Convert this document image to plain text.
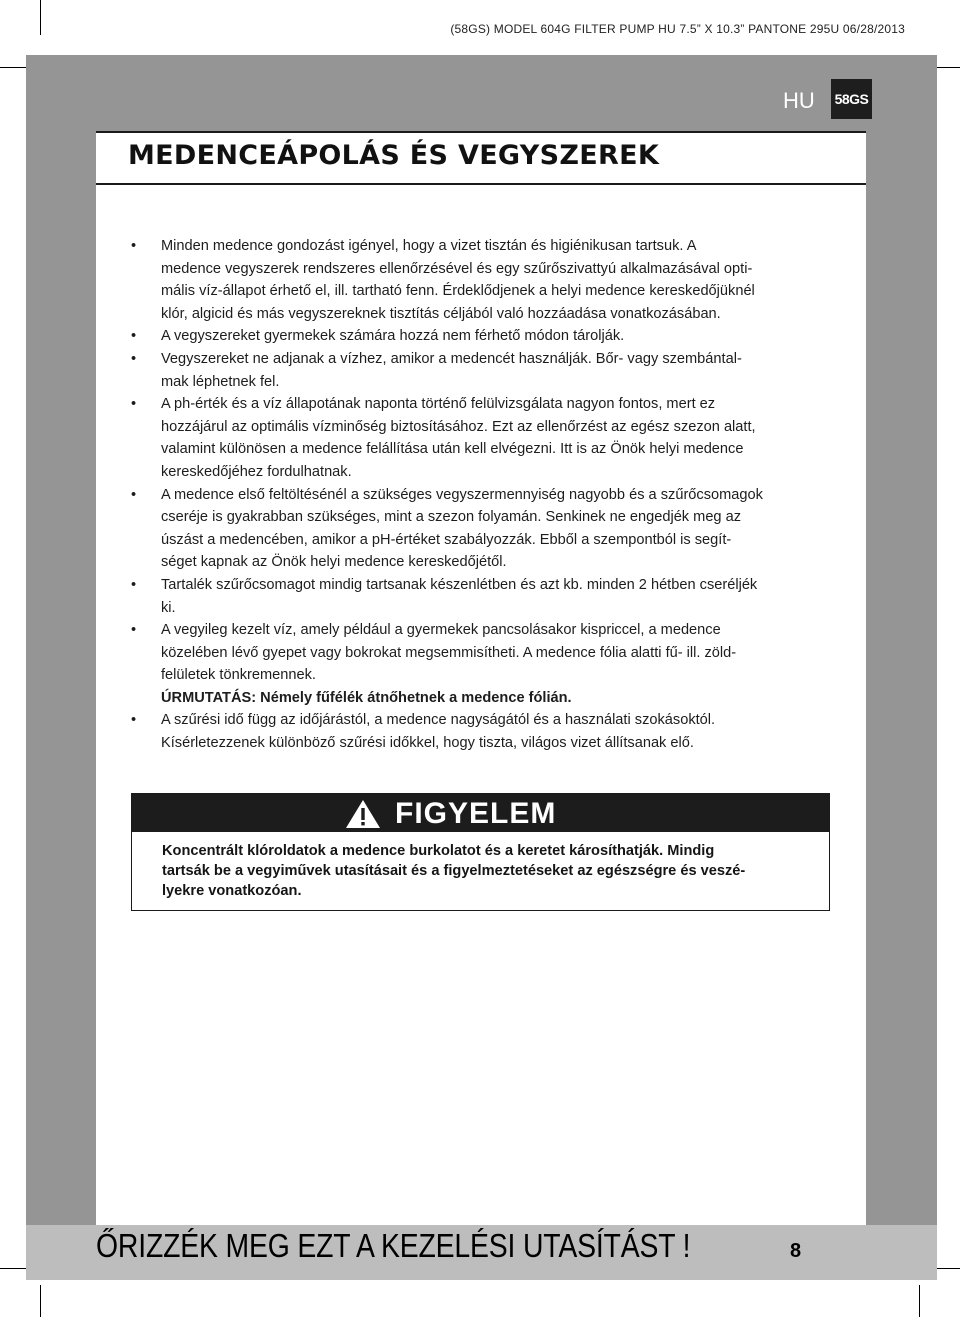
(58GS) MODEL 604G FILTER PUMP HU 7.5” X 10.3” PANTONE 295U 06/28/2013
HU 58GS
MEDENCEÁPOLÁS ÉS VEGYSZEREK
•	Minden medence gondozást igényel, hogy a vizet tisztán és higiénikusan tartsuk. A
medence vegyszerek rendszeres ellenőrzésével és egy szűrőszivattyú alkalmazásával opti-
mális víz-állapot érhető el, ill. tartható fenn. Érdeklődjenek a helyi medence kereskedőjüknél
klór, algicid és más vegyszereknek tisztítás céljából való hozzáadása vonatkozásában.

•	A vegyszereket gyermekek számára hozzá nem férhető módon tárolják.

•	Vegyszereket ne adjanak a vízhez, amikor a medencét használják. Bőr- vagy szembántal-
mak léphetnek fel.

•	A ph-érték és a víz állapotának naponta történő felülvizsgálata nagyon fontos, mert ez
hozzájárul az optimális vízminőség biztosításához. Ezt az ellenőrzést az egész szezon alatt,
valamint különösen a medence felállítása után kell elvégezni. Itt is az Önök helyi medence
kereskedőjéhez fordulhatnak.

•	A medence első feltöltésénél a szükséges vegyszermennyiség nagyobb és a szűrőcsomagok
cseréje is gyakrabban szükséges, mint a szezon folyamán. Senkinek ne engedjék meg az
úszást a medencében, amikor a pH-értéket szabályozzák. Ebből a szempontból is segít-
séget kapnak az Önök helyi medence kereskedőjétől.

•	Tartalék szűrőcsomagot mindig tartsanak készenlétben és azt kb. minden 2 hétben cseréljék
ki.

•	A vegyileg kezelt víz, amely például a gyermekek pancsolásakor kispriccel, a medence
közelében lévő gyepet vagy bokrokat megsemmisítheti. A medence fólia alatti fű- ill. zöld-
felületek tönkremennek.
ÚRMUTATÁS: Némely fűfélék átnőhetnek a medence fólián.

•	A szűrési idő függ az időjárástól, a medence nagyságától és a használati szokásoktól.
Kísérletezzenek különböző szűrési időkkel, hogy tiszta, világos vizet állítsanak elő.

FIGYELEM

Koncentrált klóroldatok a medence burkolatot és a keretet károsíthatják. Mindig
tartsák be a vegyiművek utasításait és a figyelmeztetéseket az egészségre és veszé-
lyekre vonatkozóan.

ŐRIZZÉK MEG EZT A KEZELÉSI UTASÍTÁST !	8
